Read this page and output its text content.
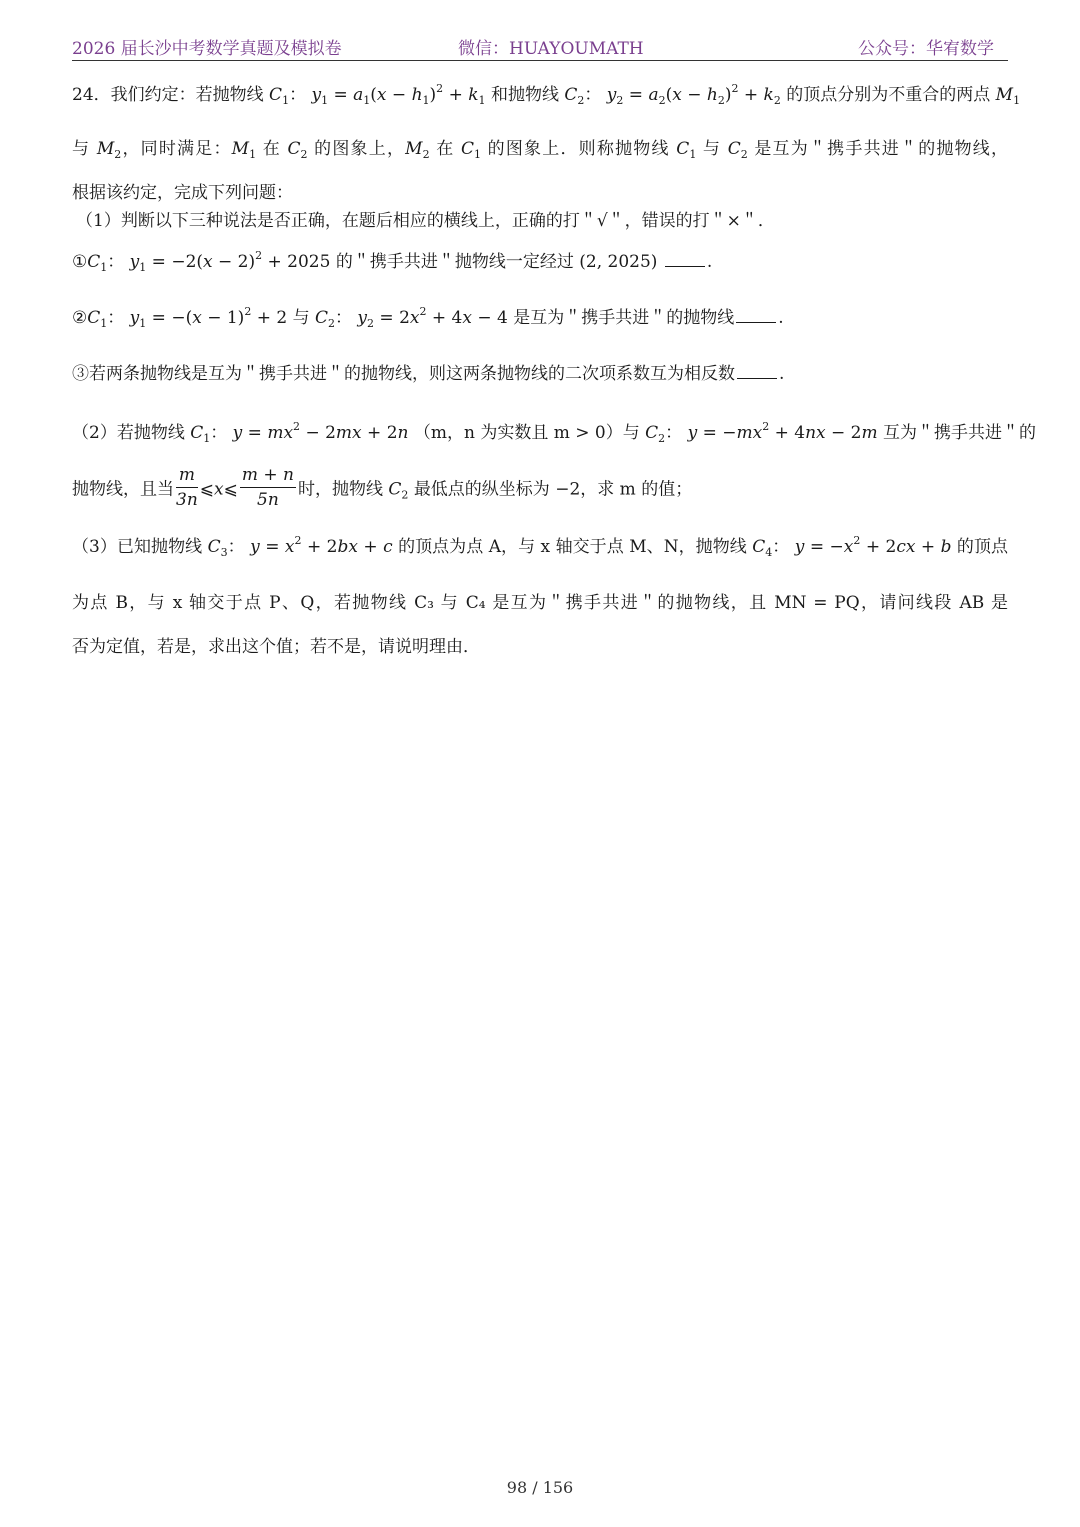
2026 届长沙中考数学真题及模拟卷	微信：HUAYOUMATH	公众号：华宥数学
24．我们约定：若抛物线 $C_1$： $y_1 = a_1(x - h_1)^2 + k_1$ 和抛物线 $C_2$： $y_2 = a_2(x - h_2)^2 + k_2$ 的顶点分别为不重合的两点 $M_1$
与 $M_2$，同时满足：$M_1$ 在 $C_2$ 的图象上，$M_2$ 在 $C_1$ 的图象上．则称抛物线 $C_1$ 与 $C_2$ 是互为＂携手共进＂的抛物线，
根据该约定，完成下列问题：
（1）判断以下三种说法是否正确，在题后相应的横线上，正确的打＂√＂，错误的打＂×＂．
$①C_1$： $y_1 = -2(x - 2)^2 + 2025$ 的＂携手共进＂抛物线一定经过 (2, 2025)	.
$②C_1$： $y_1 = -(x - 1)^2 + 2$ 与 $C_2$： $y_2 = 2x^2 + 4x - 4$ 是互为＂携手共进＂的抛物线	.
③若两条抛物线是互为＂携手共进＂的抛物线，则这两条抛物线的二次项系数互为相反数	.
（2）若抛物线 $C_1$： $y = mx^2 - 2mx + 2n$ （m，n 为实数且 m > 0）与 $C_2$： $y = -mx^2 + 4nx - 2m$ 互为＂携手共进＂的
抛物线，且当 $\frac{m}{3n}$ ⩽x⩽ $\frac{m + n}{5n}$ 时，抛物线 $C_2$ 最低点的纵坐标为 −2，求 m 的值；
（3）已知抛物线 $C_3$： $y = x^2 + 2bx + c$ 的顶点为点 A，与 x 轴交于点 M、N，抛物线 $C_4$： $y = -x^2 + 2cx + b$ 的顶点
为点 B，与 x 轴交于点 P、Q，若抛物线 C₃ 与 C₄ 是互为＂携手共进＂的抛物线，且 MN = PQ，请问线段 AB 是
否为定值，若是，求出这个值；若不是，请说明理由．
98 / 156
